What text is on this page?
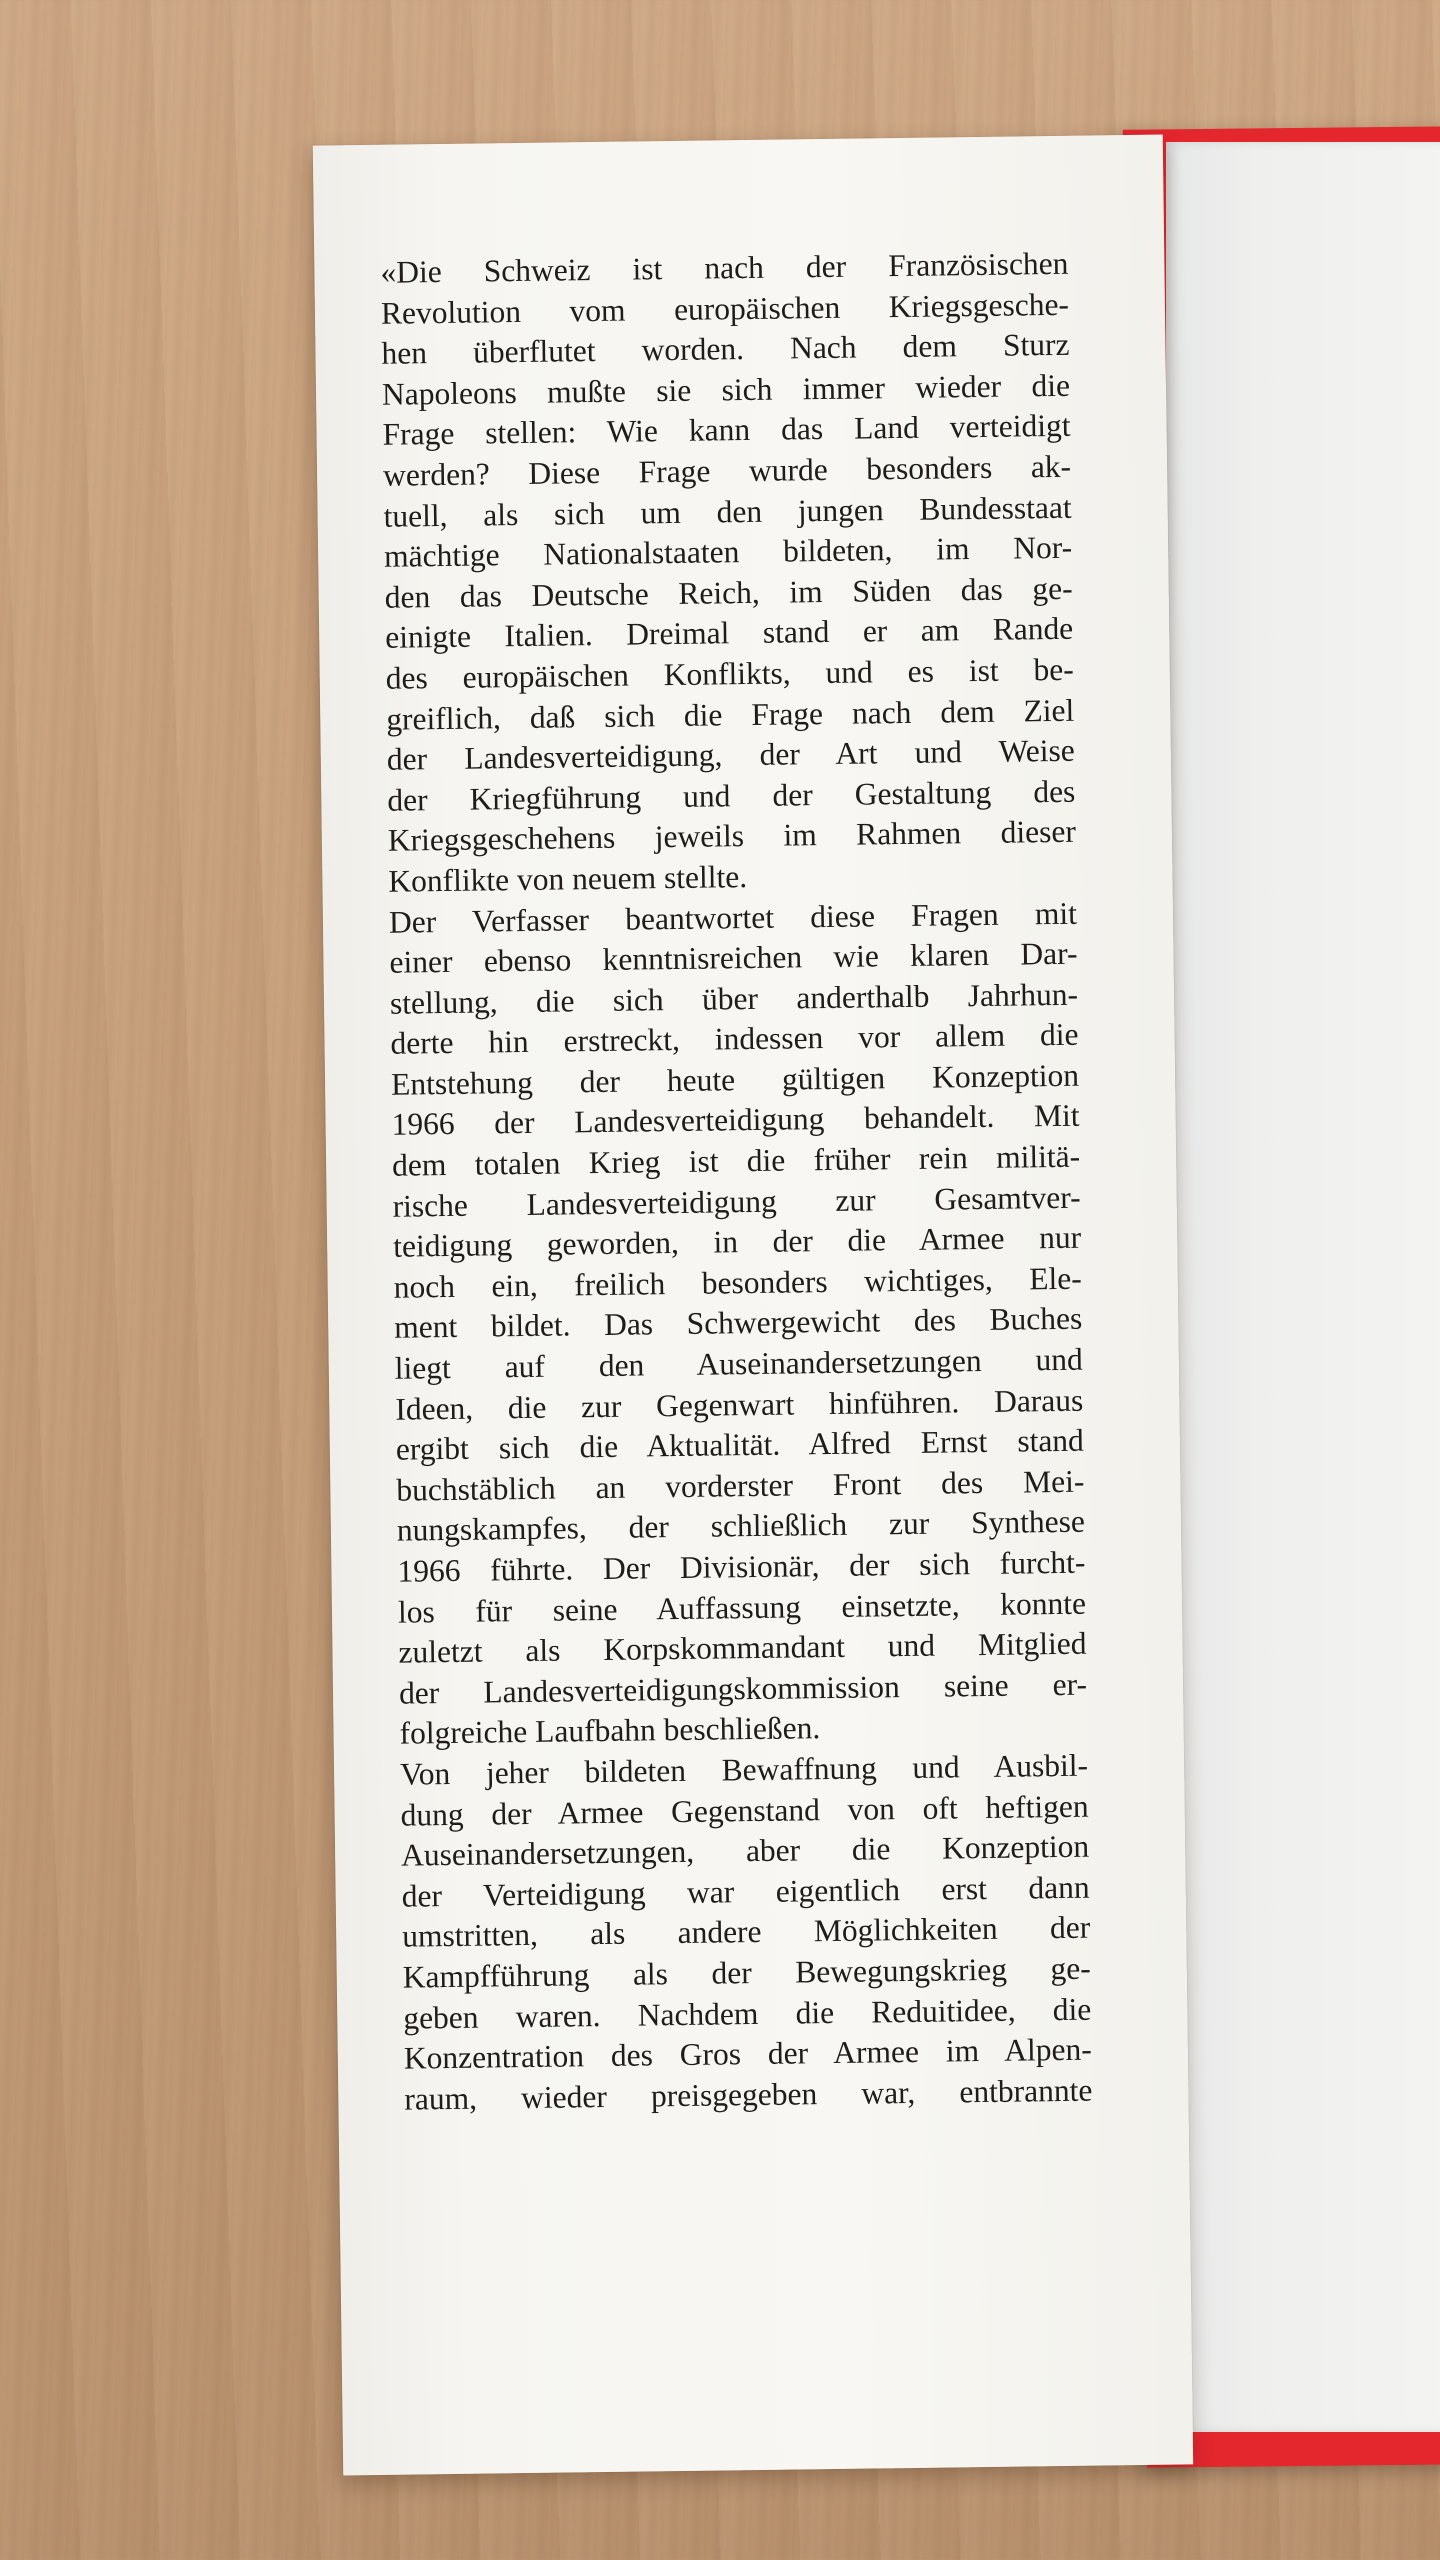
«Die Schweiz ist nach der Französischen
Revolution vom europäischen Kriegsgesche-
hen überflutet worden. Nach dem Sturz
Napoleons mußte sie sich immer wieder die
Frage stellen: Wie kann das Land verteidigt
werden? Diese Frage wurde besonders ak-
tuell, als sich um den jungen Bundesstaat
mächtige Nationalstaaten bildeten, im Nor-
den das Deutsche Reich, im Süden das ge-
einigte Italien. Dreimal stand er am Rande
des europäischen Konflikts, und es ist be-
greiflich, daß sich die Frage nach dem Ziel
der Landesverteidigung, der Art und Weise
der Kriegführung und der Gestaltung des
Kriegsgeschehens jeweils im Rahmen dieser
Konflikte von neuem stellte.
Der Verfasser beantwortet diese Fragen mit
einer ebenso kenntnisreichen wie klaren Dar-
stellung, die sich über anderthalb Jahrhun-
derte hin erstreckt, indessen vor allem die
Entstehung der heute gültigen Konzeption
1966 der Landesverteidigung behandelt. Mit
dem totalen Krieg ist die früher rein militä-
rische Landesverteidigung zur Gesamtver-
teidigung geworden, in der die Armee nur
noch ein, freilich besonders wichtiges, Ele-
ment bildet. Das Schwergewicht des Buches
liegt auf den Auseinandersetzungen und
Ideen, die zur Gegenwart hinführen. Daraus
ergibt sich die Aktualität. Alfred Ernst stand
buchstäblich an vorderster Front des Mei-
nungskampfes, der schließlich zur Synthese
1966 führte. Der Divisionär, der sich furcht-
los für seine Auffassung einsetzte, konnte
zuletzt als Korpskommandant und Mitglied
der Landesverteidigungskommission seine er-
folgreiche Laufbahn beschließen.
Von jeher bildeten Bewaffnung und Ausbil-
dung der Armee Gegenstand von oft heftigen
Auseinandersetzungen, aber die Konzeption
der Verteidigung war eigentlich erst dann
umstritten, als andere Möglichkeiten der
Kampfführung als der Bewegungskrieg ge-
geben waren. Nachdem die Reduitidee, die
Konzentration des Gros der Armee im Alpen-
raum, wieder preisgegeben war, entbrannte
